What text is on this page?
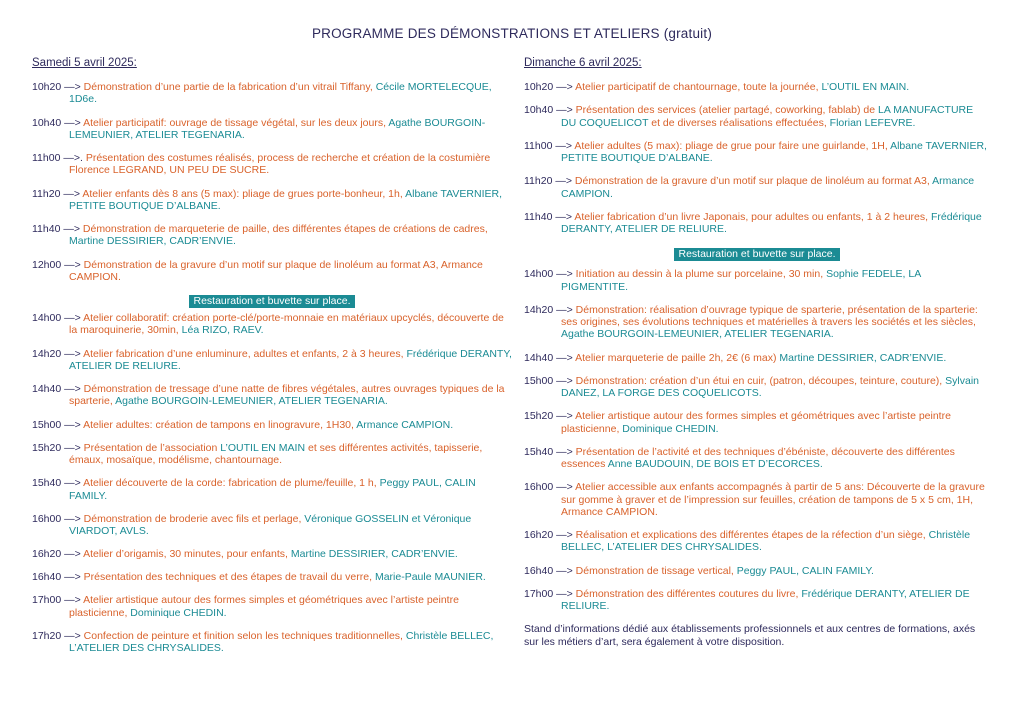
PROGRAMME DES DÉMONSTRATIONS ET ATELIERS (gratuit)
Samedi 5 avril 2025:
10h20 —> Démonstration d’une partie de la fabrication d’un vitrail Tiffany, Cécile MORTELECQUE, 1D6e.
10h40 —> Atelier participatif: ouvrage de tissage végétal, sur les deux jours, Agathe BOURGOIN-LEMEUNIER, ATELIER TEGENARIA.
11h00 —>. Présentation des costumes réalisés, process de recherche et création de la costumière Florence LEGRAND, UN PEU DE SUCRE.
11h20 —> Atelier enfants dès 8 ans (5 max): pliage de grues porte-bonheur, 1h, Albane TAVERNIER, PETITE BOUTIQUE D’ALBANE.
11h40 —> Démonstration de marqueterie de paille, des différentes étapes de créations de cadres, Martine DESSIRIER, CADR’ENVIE.
12h00 —> Démonstration de la gravure d’un motif sur plaque de linoléum au format A3, Armance CAMPION.
Restauration et buvette sur place.
14h00 —> Atelier collaboratif: création porte-clé/porte-monnaie en matériaux upcyclés, découverte de la maroquinerie, 30min, Léa RIZO, RAEV.
14h20 —> Atelier fabrication d’une enluminure, adultes et enfants, 2 à 3 heures, Frédérique DERANTY, ATELIER DE RELIURE.
14h40 —> Démonstration de tressage d’une natte de fibres végétales, autres ouvrages typiques de la sparterie, Agathe BOURGOIN-LEMEUNIER, ATELIER TEGENARIA.
15h00 —> Atelier adultes: création de tampons en linogravure, 1H30, Armance CAMPION.
15h20 —> Présentation de l’association L’OUTIL EN MAIN et ses différentes activités, tapisserie, émaux, mosaïque, modélisme, chantournage.
15h40 —> Atelier découverte de la corde: fabrication de plume/feuille, 1 h, Peggy PAUL, CALIN FAMILY.
16h00 —> Démonstration de broderie avec fils et perlage, Véronique GOSSELIN et Véronique VIARDOT, AVLS.
16h20 —> Atelier d’origamis, 30 minutes, pour enfants, Martine DESSIRIER, CADR’ENVIE.
16h40 —> Présentation des techniques et des étapes de travail du verre, Marie-Paule MAUNIER.
17h00 —> Atelier artistique autour des formes simples et géométriques avec l’artiste peintre plasticienne, Dominique CHEDIN.
17h20 —> Confection de peinture et finition selon les techniques traditionnelles, Christèle BELLEC, L’ATELIER DES CHRYSALIDES.
Dimanche 6 avril 2025:
10h20 —> Atelier participatif de chantournage, toute la journée, L’OUTIL EN MAIN.
10h40 —> Présentation des services (atelier partagé, coworking, fablab) de LA MANUFACTURE DU COQUELICOT et de diverses réalisations effectuées, Florian LEFEVRE.
11h00 —> Atelier adultes (5 max): pliage de grue pour faire une guirlande, 1H, Albane TAVERNIER, PETITE BOUTIQUE D’ALBANE.
11h20 —> Démonstration de la gravure d’un motif sur plaque de linoléum au format A3, Armance CAMPION.
11h40 —> Atelier fabrication d’un livre Japonais, pour adultes ou enfants, 1 à 2 heures, Frédérique DERANTY, ATELIER DE RELIURE.
Restauration et buvette sur place.
14h00 —> Initiation au dessin à la plume sur porcelaine, 30 min, Sophie FEDELE, LA PIGMENTITE.
14h20 —> Démonstration: réalisation d’ouvrage typique de sparterie, présentation de la sparterie: ses origines, ses évolutions techniques et matérielles à travers les sociétés et les siècles, Agathe BOURGOIN-LEMEUNIER, ATELIER TEGENARIA.
14h40 —> Atelier marqueterie de paille 2h, 2€ (6 max) Martine DESSIRIER, CADR’ENVIE.
15h00 —> Démonstration: création d’un étui en cuir, (patron, découpes, teinture, couture), Sylvain DANEZ, LA FORGE DES COQUELICOTS.
15h20 —> Atelier artistique autour des formes simples et géométriques avec l’artiste peintre plasticienne, Dominique CHEDIN.
15h40 —> Présentation de l’activité et des techniques d’ébéniste, découverte des différentes essences Anne BAUDOUIN, DE BOIS ET D’ECORCES.
16h00 —> Atelier accessible aux enfants accompagnés à partir de 5 ans: Découverte de la gravure sur gomme à graver et de l’impression sur feuilles, création de tampons de 5 x 5 cm, 1H, Armance CAMPION.
16h20 —> Réalisation et explications des différentes étapes de la réfection d’un siège, Christèle BELLEC, L’ATELIER DES CHRYSALIDES.
16h40 —> Démonstration de tissage vertical, Peggy PAUL, CALIN FAMILY.
17h00 —> Démonstration des différentes coutures du livre, Frédérique DERANTY, ATELIER DE RELIURE.
Stand d’informations dédié aux établissements professionnels et aux centres de formations, axés sur les métiers d’art, sera également à votre disposition.
